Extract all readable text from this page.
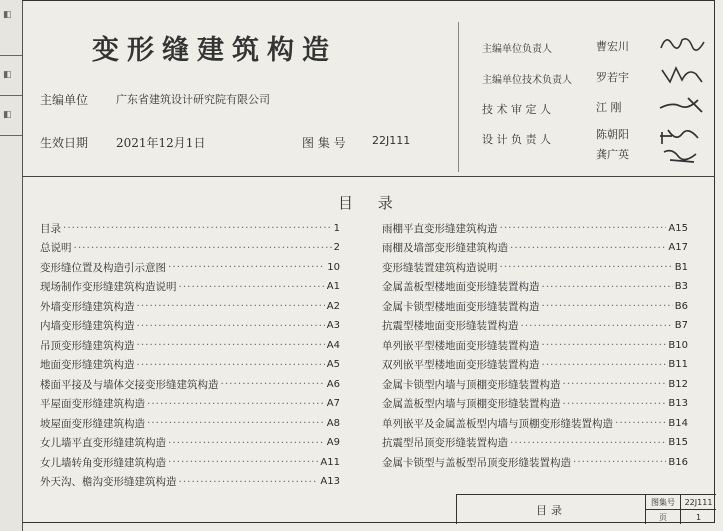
◧
◧
◧
变形缝建筑构造
主编单位	广东省建筑设计研究院有限公司
生效日期 2021年12月1日	图 集 号 22J111
主编单位负责人	曹宏川
主编单位技术负责人 罗若宇
技 术 审 定 人	江 刚
设 计 负 责 人	陈朝阳
龚广英
目 录
目录 ·····	1
总说明 ·····	2
变形缝位置及构造引示意图 ·····	10
现场制作变形缝建筑构造说明 ·····	A1
外墙变形缝建筑构造 ·····	A2
内墙变形缝建筑构造 ·····	A3
吊顶变形缝建筑构造 ·····	A4
地面变形缝建筑构造 ·····	A5
楼面平接及与墙体交接变形缝建筑构造 ·····	A6
平屋面变形缝建筑构造 ·····	A7
坡屋面变形缝建筑构造 ·····	A8
女儿墙平直变形缝建筑构造 ·····	A9
女儿墙转角变形缝建筑构造 ·····	A11
外天沟、檐沟变形缝建筑构造 ·····	A13
雨棚平直变形缝建筑构造 ·····	A15
雨棚及墙部变形缝建筑构造 ·····	A17
变形缝装置建筑构造说明 ·····	B1
金属盖板型楼地面变形缝装置构造 ·····	B3
金属卡锁型楼地面变形缝装置构造 ·····	B6
抗震型楼地面变形缝装置构造 ·····	B7
单列嵌平型楼地面变形缝装置构造 ·····	B10
双列嵌平型楼地面变形缝装置构造 ·····	B11
金属卡锁型内墙与顶棚变形缝装置构造 ·····	B12
金属盖板型内墙与顶棚变形缝装置构造 ·····	B13
单列嵌平及金属盖板型内墙与顶棚变形缝装置构造 ·····	B14
抗震型吊顶变形缝装置构造 ·····	B15
金属卡锁型与盖板型吊顶变形缝装置构造 ·····	B16
目录
图集号	22J111
页	1
